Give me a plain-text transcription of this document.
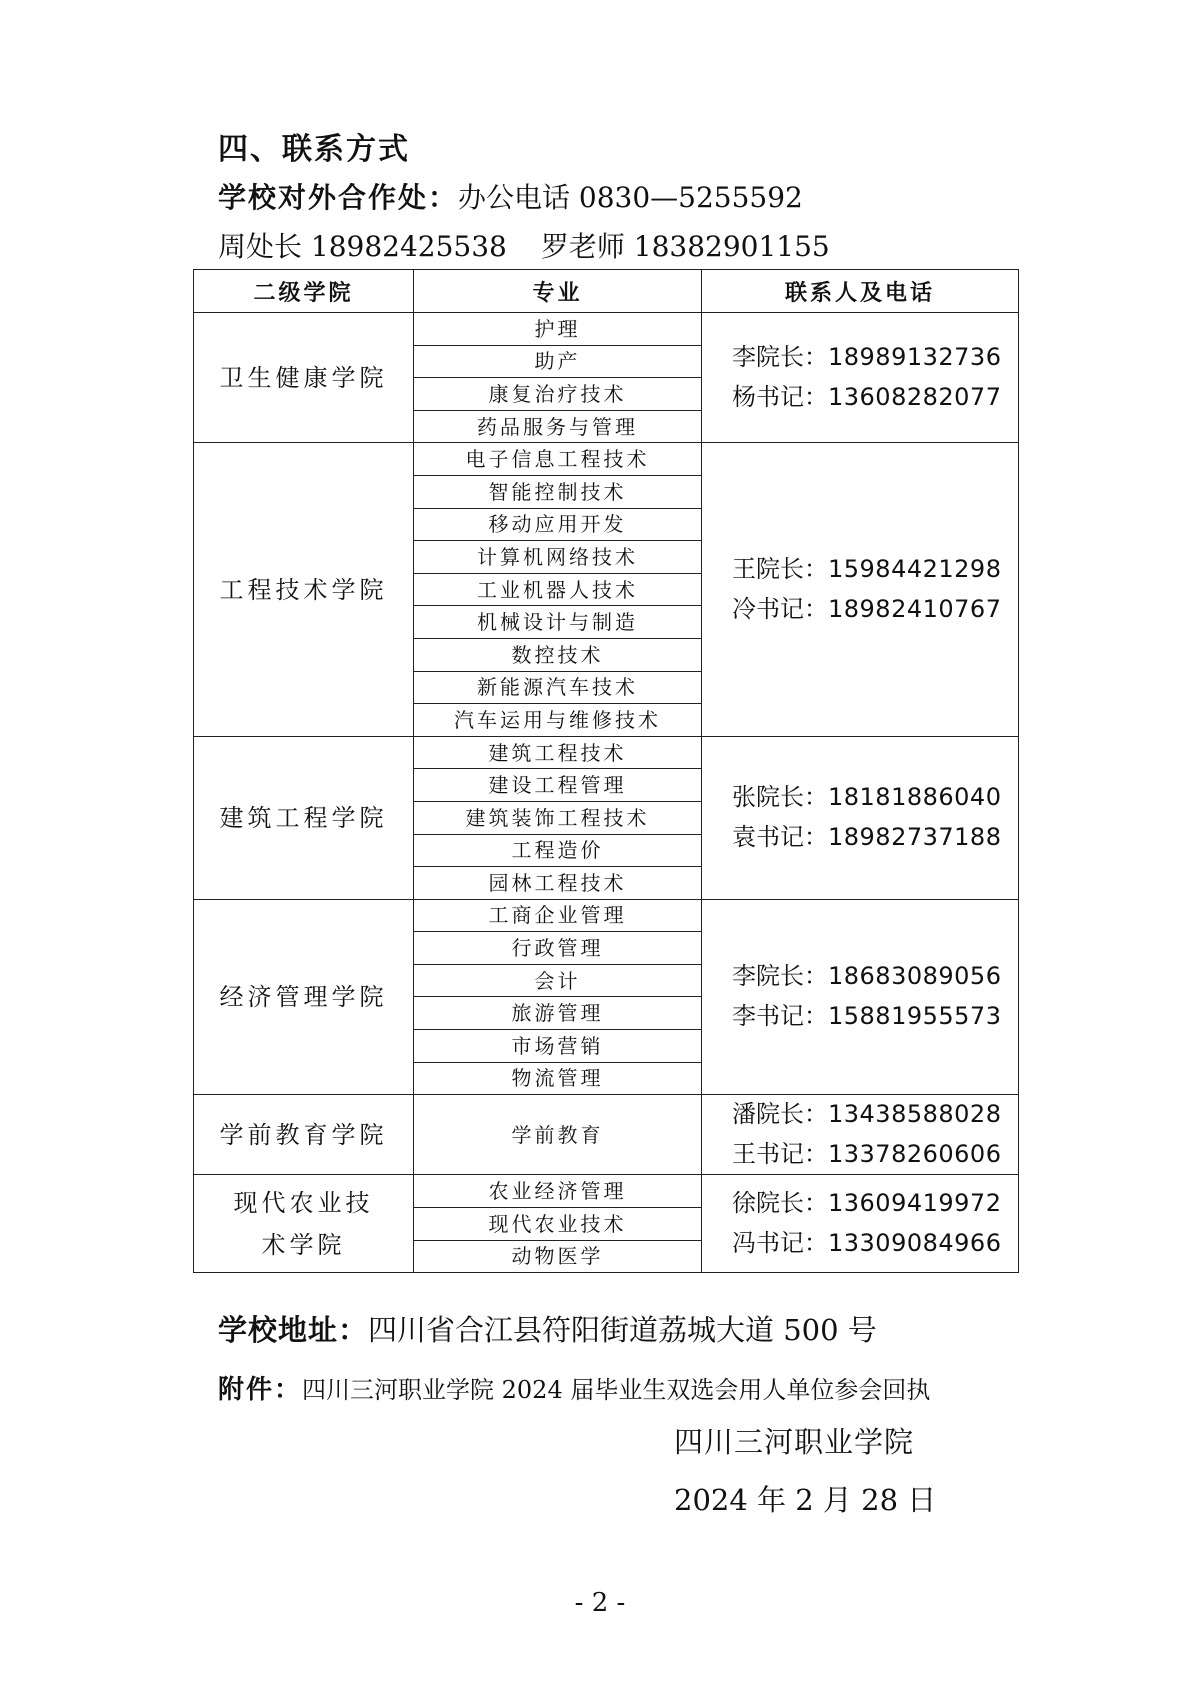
四、联系方式
学校对外合作处：办公电话 0830—5255592
周处长 18982425538 罗老师 18382901155
二级学院	专业	联系人及电话
卫生健康学院	护理	李院长：18989132736
杨书记：13608282077

	助产	
	康复治疗技术	
	药品服务与管理	
工程技术学院	电子信息工程技术	王院长：15984421298
冷书记：18982410767

	智能控制技术	
	移动应用开发	
	计算机网络技术	
	工业机器人技术	
	机械设计与制造	
	数控技术	
	新能源汽车技术	
	汽车运用与维修技术	
建筑工程学院	建筑工程技术	张院长：18181886040
袁书记：18982737188

	建设工程管理	
	建筑装饰工程技术	
	工程造价	
	园林工程技术	
经济管理学院	工商企业管理	李院长：18683089056
李书记：15881955573

	行政管理	
	会计	
	旅游管理	
	市场营销	
	物流管理	
学前教育学院	学前教育	潘院长：13438588028
王书记：13378260606

现代农业技术学院	农业经济管理	徐院长：13609419972
冯书记：13309084966

	现代农业技术	
	动物医学	
学校地址：四川省合江县符阳街道荔城大道 500 号
附件：四川三河职业学院 2024 届毕业生双选会用人单位参会回执
四川三河职业学院
2024 年 2 月 28 日
- 2 -
